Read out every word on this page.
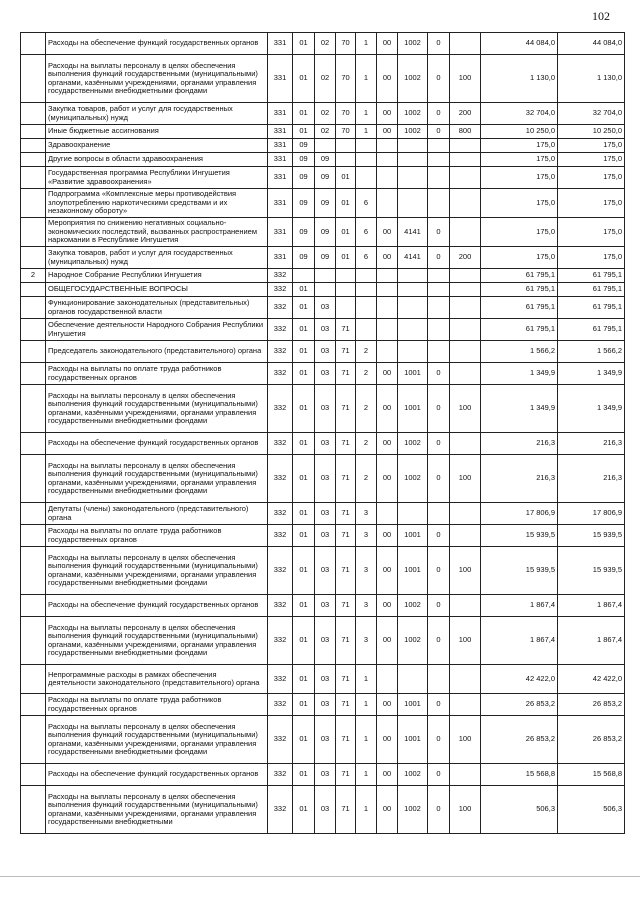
102
	Расходы на обеспечение функций государственных органов	331	01	02	70	1	00	1002	0		44 084,0	44 084,0
	Расходы на выплаты персоналу в целях обеспечения выполнения функций государственными (муниципальными) органами, казёнными учреждениями, органами управления государственными внебюджетными фондами	331	01	02	70	1	00	1002	0	100	1 130,0	1 130,0
	Закупка товаров, работ и услуг для государственных (муниципальных) нужд	331	01	02	70	1	00	1002	0	200	32 704,0	32 704,0
	Иные бюджетные ассигнования	331	01	02	70	1	00	1002	0	800	10 250,0	10 250,0
	Здравоохранение	331	09								175,0	175,0
	Другие вопросы в области здравоохранения	331	09	09							175,0	175,0
	Государственная программа Республики Ингушетия «Развитие здравоохранения»	331	09	09	01						175,0	175,0
	Подпрограмма «Комплексные меры противодействия злоупотреблению наркотическими средствами и их незаконному обороту»	331	09	09	01	6					175,0	175,0
	Мероприятия по снижению негативных социально-экономических последствий, вызванных распространением наркомании в Республике Ингушетия	331	09	09	01	6	00	4141	0		175,0	175,0
	Закупка товаров, работ и услуг для государственных (муниципальных) нужд	331	09	09	01	6	00	4141	0	200	175,0	175,0
2	Народное Собрание Республики Ингушетия	332									61 795,1	61 795,1
	ОБЩЕГОСУДАРСТВЕННЫЕ ВОПРОСЫ	332	01								61 795,1	61 795,1
	Функционирование законодательных (представительных) органов государственной власти	332	01	03							61 795,1	61 795,1
	Обеспечение деятельности Народного Собрания Республики Ингушетия	332	01	03	71						61 795,1	61 795,1
	Председатель законодательного (представительного) органа	332	01	03	71	2					1 566,2	1 566,2
	Расходы на выплаты по оплате труда работников государственных органов	332	01	03	71	2	00	1001	0		1 349,9	1 349,9
	Расходы на выплаты персоналу в целях обеспечения выполнения функций государственными (муниципальными) органами, казёнными учреждениями, органами управления государственными внебюджетными фондами	332	01	03	71	2	00	1001	0	100	1 349,9	1 349,9
	Расходы на обеспечение функций государственных органов	332	01	03	71	2	00	1002	0		216,3	216,3
	Расходы на выплаты персоналу в целях обеспечения выполнения функций государственными (муниципальными) органами, казёнными учреждениями, органами управления государственными внебюджетными фондами	332	01	03	71	2	00	1002	0	100	216,3	216,3
	Депутаты (члены) законодательного (представительного) органа	332	01	03	71	3					17 806,9	17 806,9
	Расходы на выплаты по оплате труда работников государственных органов	332	01	03	71	3	00	1001	0		15 939,5	15 939,5
	Расходы на выплаты персоналу в целях обеспечения выполнения функций государственными (муниципальными) органами, казёнными учреждениями, органами управления государственными внебюджетными фондами	332	01	03	71	3	00	1001	0	100	15 939,5	15 939,5
	Расходы на обеспечение функций государственных органов	332	01	03	71	3	00	1002	0		1 867,4	1 867,4
	Расходы на выплаты персоналу в целях обеспечения выполнения функций государственными (муниципальными) органами, казёнными учреждениями, органами управления государственными внебюджетными фондами	332	01	03	71	3	00	1002	0	100	1 867,4	1 867,4
	Непрограммные расходы в рамках обеспечения деятельности законодательного (представительного) органа	332	01	03	71	1					42 422,0	42 422,0
	Расходы на выплаты по оплате труда работников государственных органов	332	01	03	71	1	00	1001	0		26 853,2	26 853,2
	Расходы на выплаты персоналу в целях обеспечения выполнения функций государственными (муниципальными) органами, казёнными учреждениями, органами управления государственными внебюджетными фондами	332	01	03	71	1	00	1001	0	100	26 853,2	26 853,2
	Расходы на обеспечение функций государственных органов	332	01	03	71	1	00	1002	0		15 568,8	15 568,8
	Расходы на выплаты персоналу в целях обеспечения выполнения функций государственными (муниципальными) органами, казёнными учреждениями, органами управления государственными внебюджетными	332	01	03	71	1	00	1002	0	100	506,3	506,3
